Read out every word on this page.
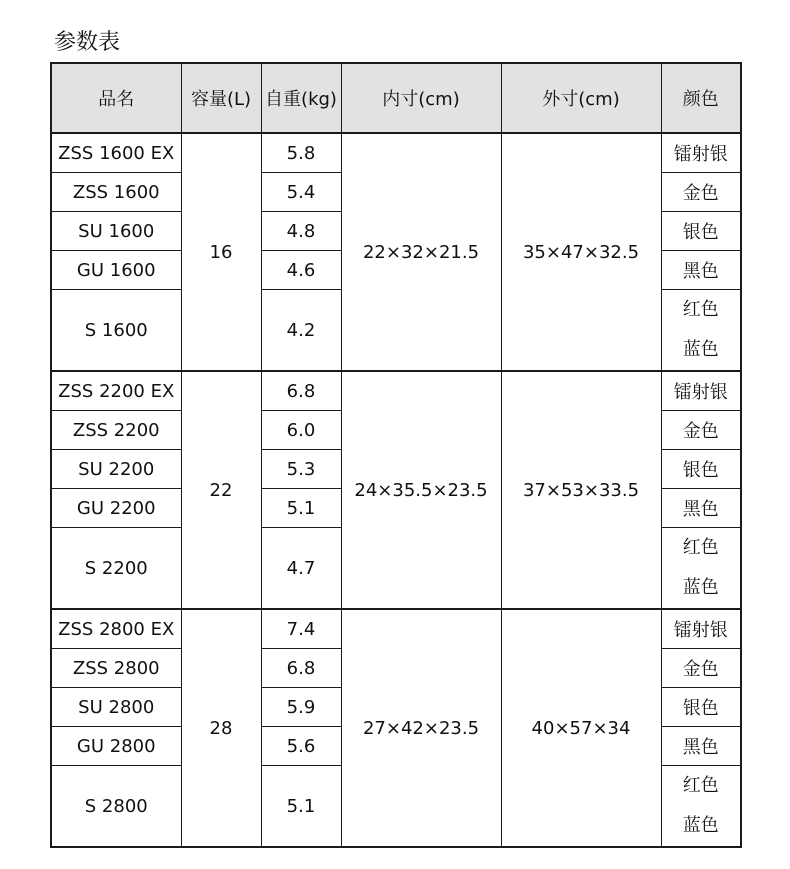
参数表
品名	容量(L)	自重(kg)	内寸(cm)	外寸(cm)	颜色
ZSS 1600 EX	16	5.8	22×32×21.5	35×47×32.5	镭射银
ZSS 1600		5.4			金色
SU 1600		4.8			银色
GU 1600		4.6			黑色
S 1600		4.2			红色
蓝色

ZSS 2200 EX	22	6.8	24×35.5×23.5	37×53×33.5	镭射银
ZSS 2200		6.0			金色
SU 2200		5.3			银色
GU 2200		5.1			黑色
S 2200		4.7			红色
蓝色

ZSS 2800 EX	28	7.4	27×42×23.5	40×57×34	镭射银
ZSS 2800		6.8			金色
SU 2800		5.9			银色
GU 2800		5.6			黑色
S 2800		5.1			红色
蓝色
